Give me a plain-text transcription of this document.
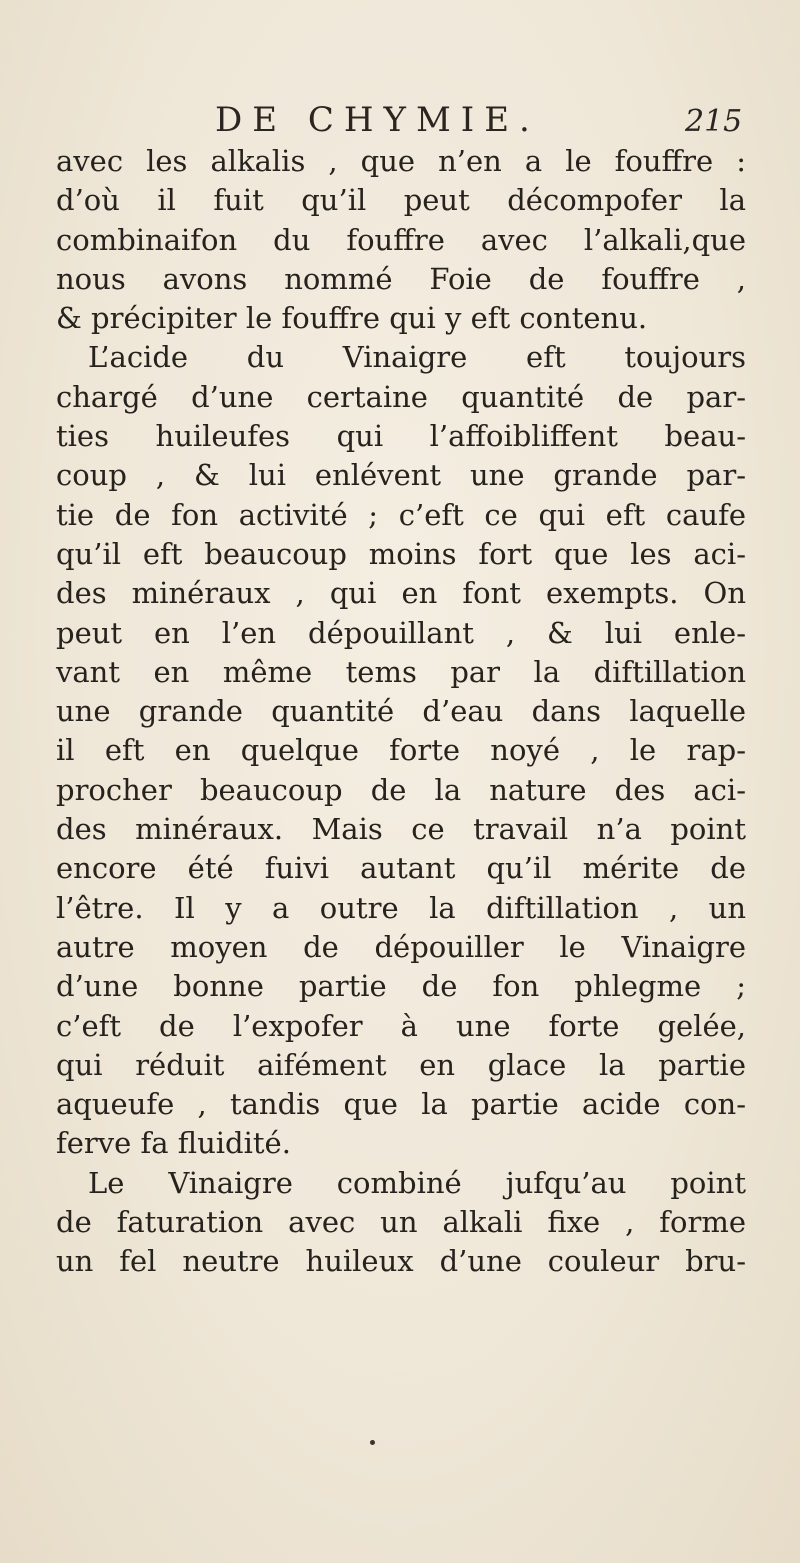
DE CHYMIE.	215
avec les alkalis , que n’en a le fouffre :
d’où il fuit qu’il peut décompofer la
combinaifon du fouffre avec l’alkali,que
nous avons nommé Foie de fouffre ,
& précipiter le fouffre qui y eft contenu.
L’acide du Vinaigre eft toujours
chargé d’une certaine quantité de par-
ties huileufes qui l’affoibliffent beau-
coup , & lui enlévent une grande par-
tie de fon activité ; c’eft ce qui eft caufe
qu’il eft beaucoup moins fort que les aci-
des minéraux , qui en font exempts. On
peut en l’en dépouillant , & lui enle-
vant en même tems par la diftillation
une grande quantité d’eau dans laquelle
il eft en quelque forte noyé , le rap-
procher beaucoup de la nature des aci-
des minéraux. Mais ce travail n’a point
encore été fuivi autant qu’il mérite de
l’être. Il y a outre la diftillation , un
autre moyen de dépouiller le Vinaigre
d’une bonne partie de fon phlegme ;
c’eft de l’expofer à une forte gelée,
qui réduit aifément en glace la partie
aqueufe , tandis que la partie acide con-
ferve fa fluidité.
Le Vinaigre combiné jufqu’au point
de faturation avec un alkali fixe , forme
un fel neutre huileux d’une couleur bru-
